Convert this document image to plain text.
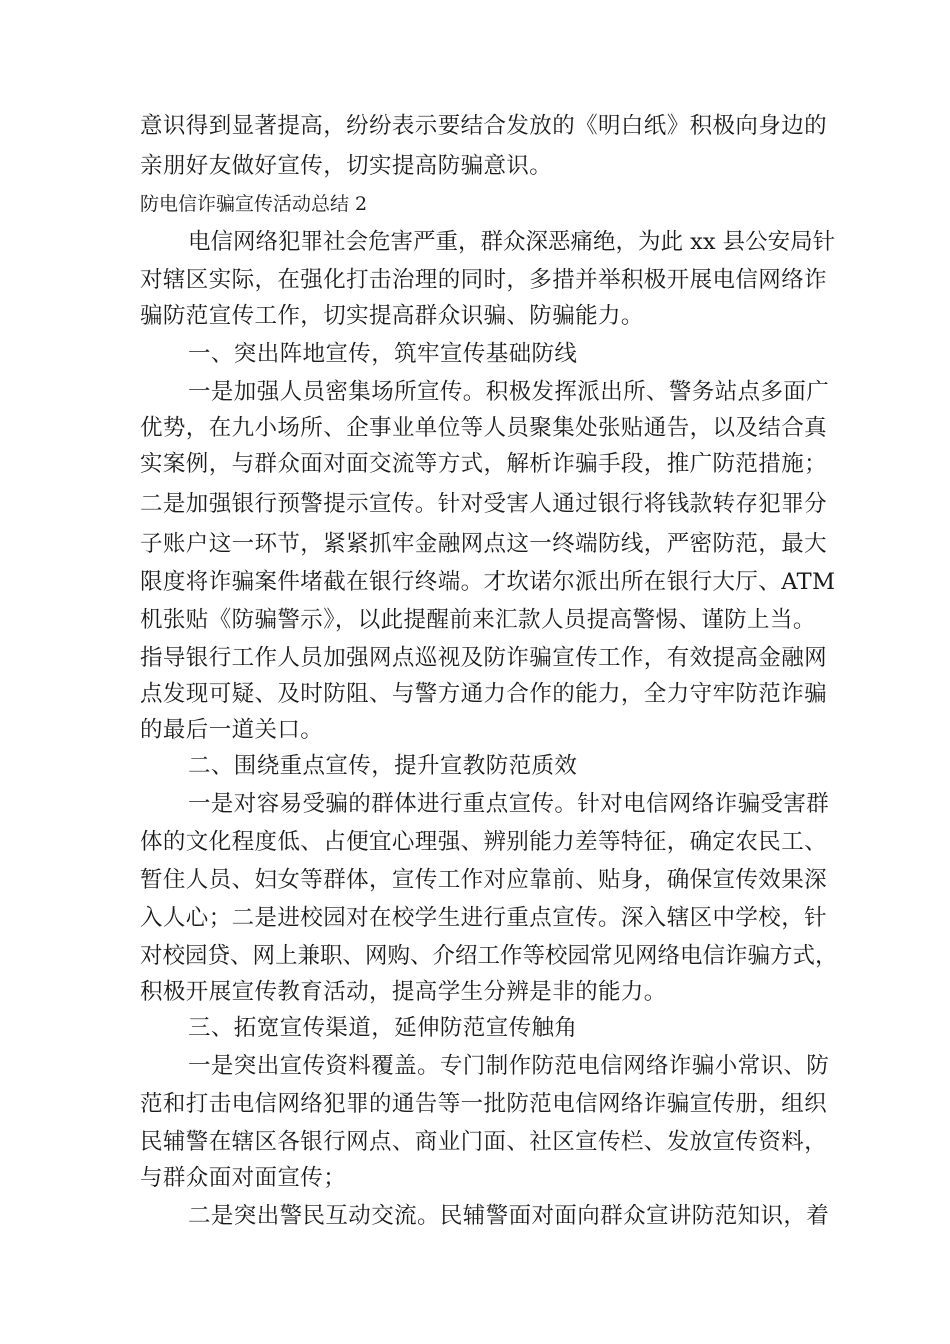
意识得到显著提高，纷纷表示要结合发放的《明白纸》积极向身边的
亲朋好友做好宣传，切实提高防骗意识。
防电信诈骗宣传活动总结 2
电信网络犯罪社会危害严重，群众深恶痛绝，为此 xx 县公安局针
对辖区实际，在强化打击治理的同时，多措并举积极开展电信网络诈
骗防范宣传工作，切实提高群众识骗、防骗能力。
一、突出阵地宣传，筑牢宣传基础防线
一是加强人员密集场所宣传。积极发挥派出所、警务站点多面广
优势，在九小场所、企事业单位等人员聚集处张贴通告，以及结合真
实案例，与群众面对面交流等方式，解析诈骗手段，推广防范措施；
二是加强银行预警提示宣传。针对受害人通过银行将钱款转存犯罪分
子账户这一环节，紧紧抓牢金融网点这一终端防线，严密防范，最大
限度将诈骗案件堵截在银行终端。才坎诺尔派出所在银行大厅、ATM
机张贴《防骗警示》，以此提醒前来汇款人员提高警惕、谨防上当。
指导银行工作人员加强网点巡视及防诈骗宣传工作，有效提高金融网
点发现可疑、及时防阻、与警方通力合作的能力，全力守牢防范诈骗
的最后一道关口。
二、围绕重点宣传，提升宣教防范质效
一是对容易受骗的群体进行重点宣传。针对电信网络诈骗受害群
体的文化程度低、占便宜心理强、辨别能力差等特征，确定农民工、
暂住人员、妇女等群体，宣传工作对应靠前、贴身，确保宣传效果深
入人心；二是进校园对在校学生进行重点宣传。深入辖区中学校，针
对校园贷、网上兼职、网购、介绍工作等校园常见网络电信诈骗方式，
积极开展宣传教育活动，提高学生分辨是非的能力。
三、拓宽宣传渠道，延伸防范宣传触角
一是突出宣传资料覆盖。专门制作防范电信网络诈骗小常识、防
范和打击电信网络犯罪的通告等一批防范电信网络诈骗宣传册，组织
民辅警在辖区各银行网点、商业门面、社区宣传栏、发放宣传资料，
与群众面对面宣传；
二是突出警民互动交流。民辅警面对面向群众宣讲防范知识，着
